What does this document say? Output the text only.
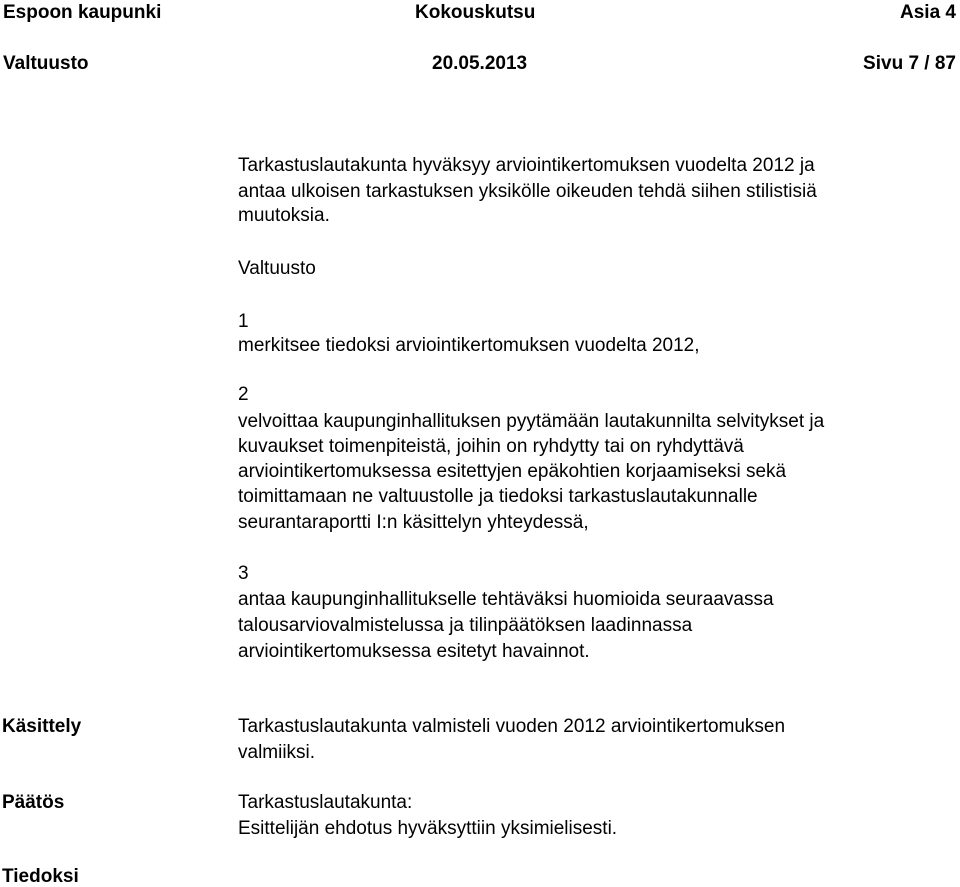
Espoon kaupunki	Kokouskutsu	Asia 4
Valtuusto	20.05.2013	Sivu 7 / 87
Tarkastuslautakunta hyväksyy arviointikertomuksen vuodelta 2012 ja
antaa ulkoisen tarkastuksen yksikölle oikeuden tehdä siihen stilistisiä
muutoksia.
Valtuusto
1
merkitsee tiedoksi arviointikertomuksen vuodelta 2012,
2
velvoittaa kaupunginhallituksen pyytämään lautakunnilta selvitykset ja
kuvaukset toimenpiteistä, joihin on ryhdytty tai on ryhdyttävä
arviointikertomuksessa esitettyjen epäkohtien korjaamiseksi sekä
toimittamaan ne valtuustolle ja tiedoksi tarkastuslautakunnalle
seurantaraportti I:n käsittelyn yhteydessä,
3
antaa kaupunginhallitukselle tehtäväksi huomioida seuraavassa
talousarviovalmistelussa ja tilinpäätöksen laadinnassa
arviointikertomuksessa esitetyt havainnot.
Käsittely	Tarkastuslautakunta valmisteli vuoden 2012 arviointikertomuksen
valmiiksi.
Päätös	Tarkastuslautakunta:
Esittelijän ehdotus hyväksyttiin yksimielisesti.
Tiedoksi
